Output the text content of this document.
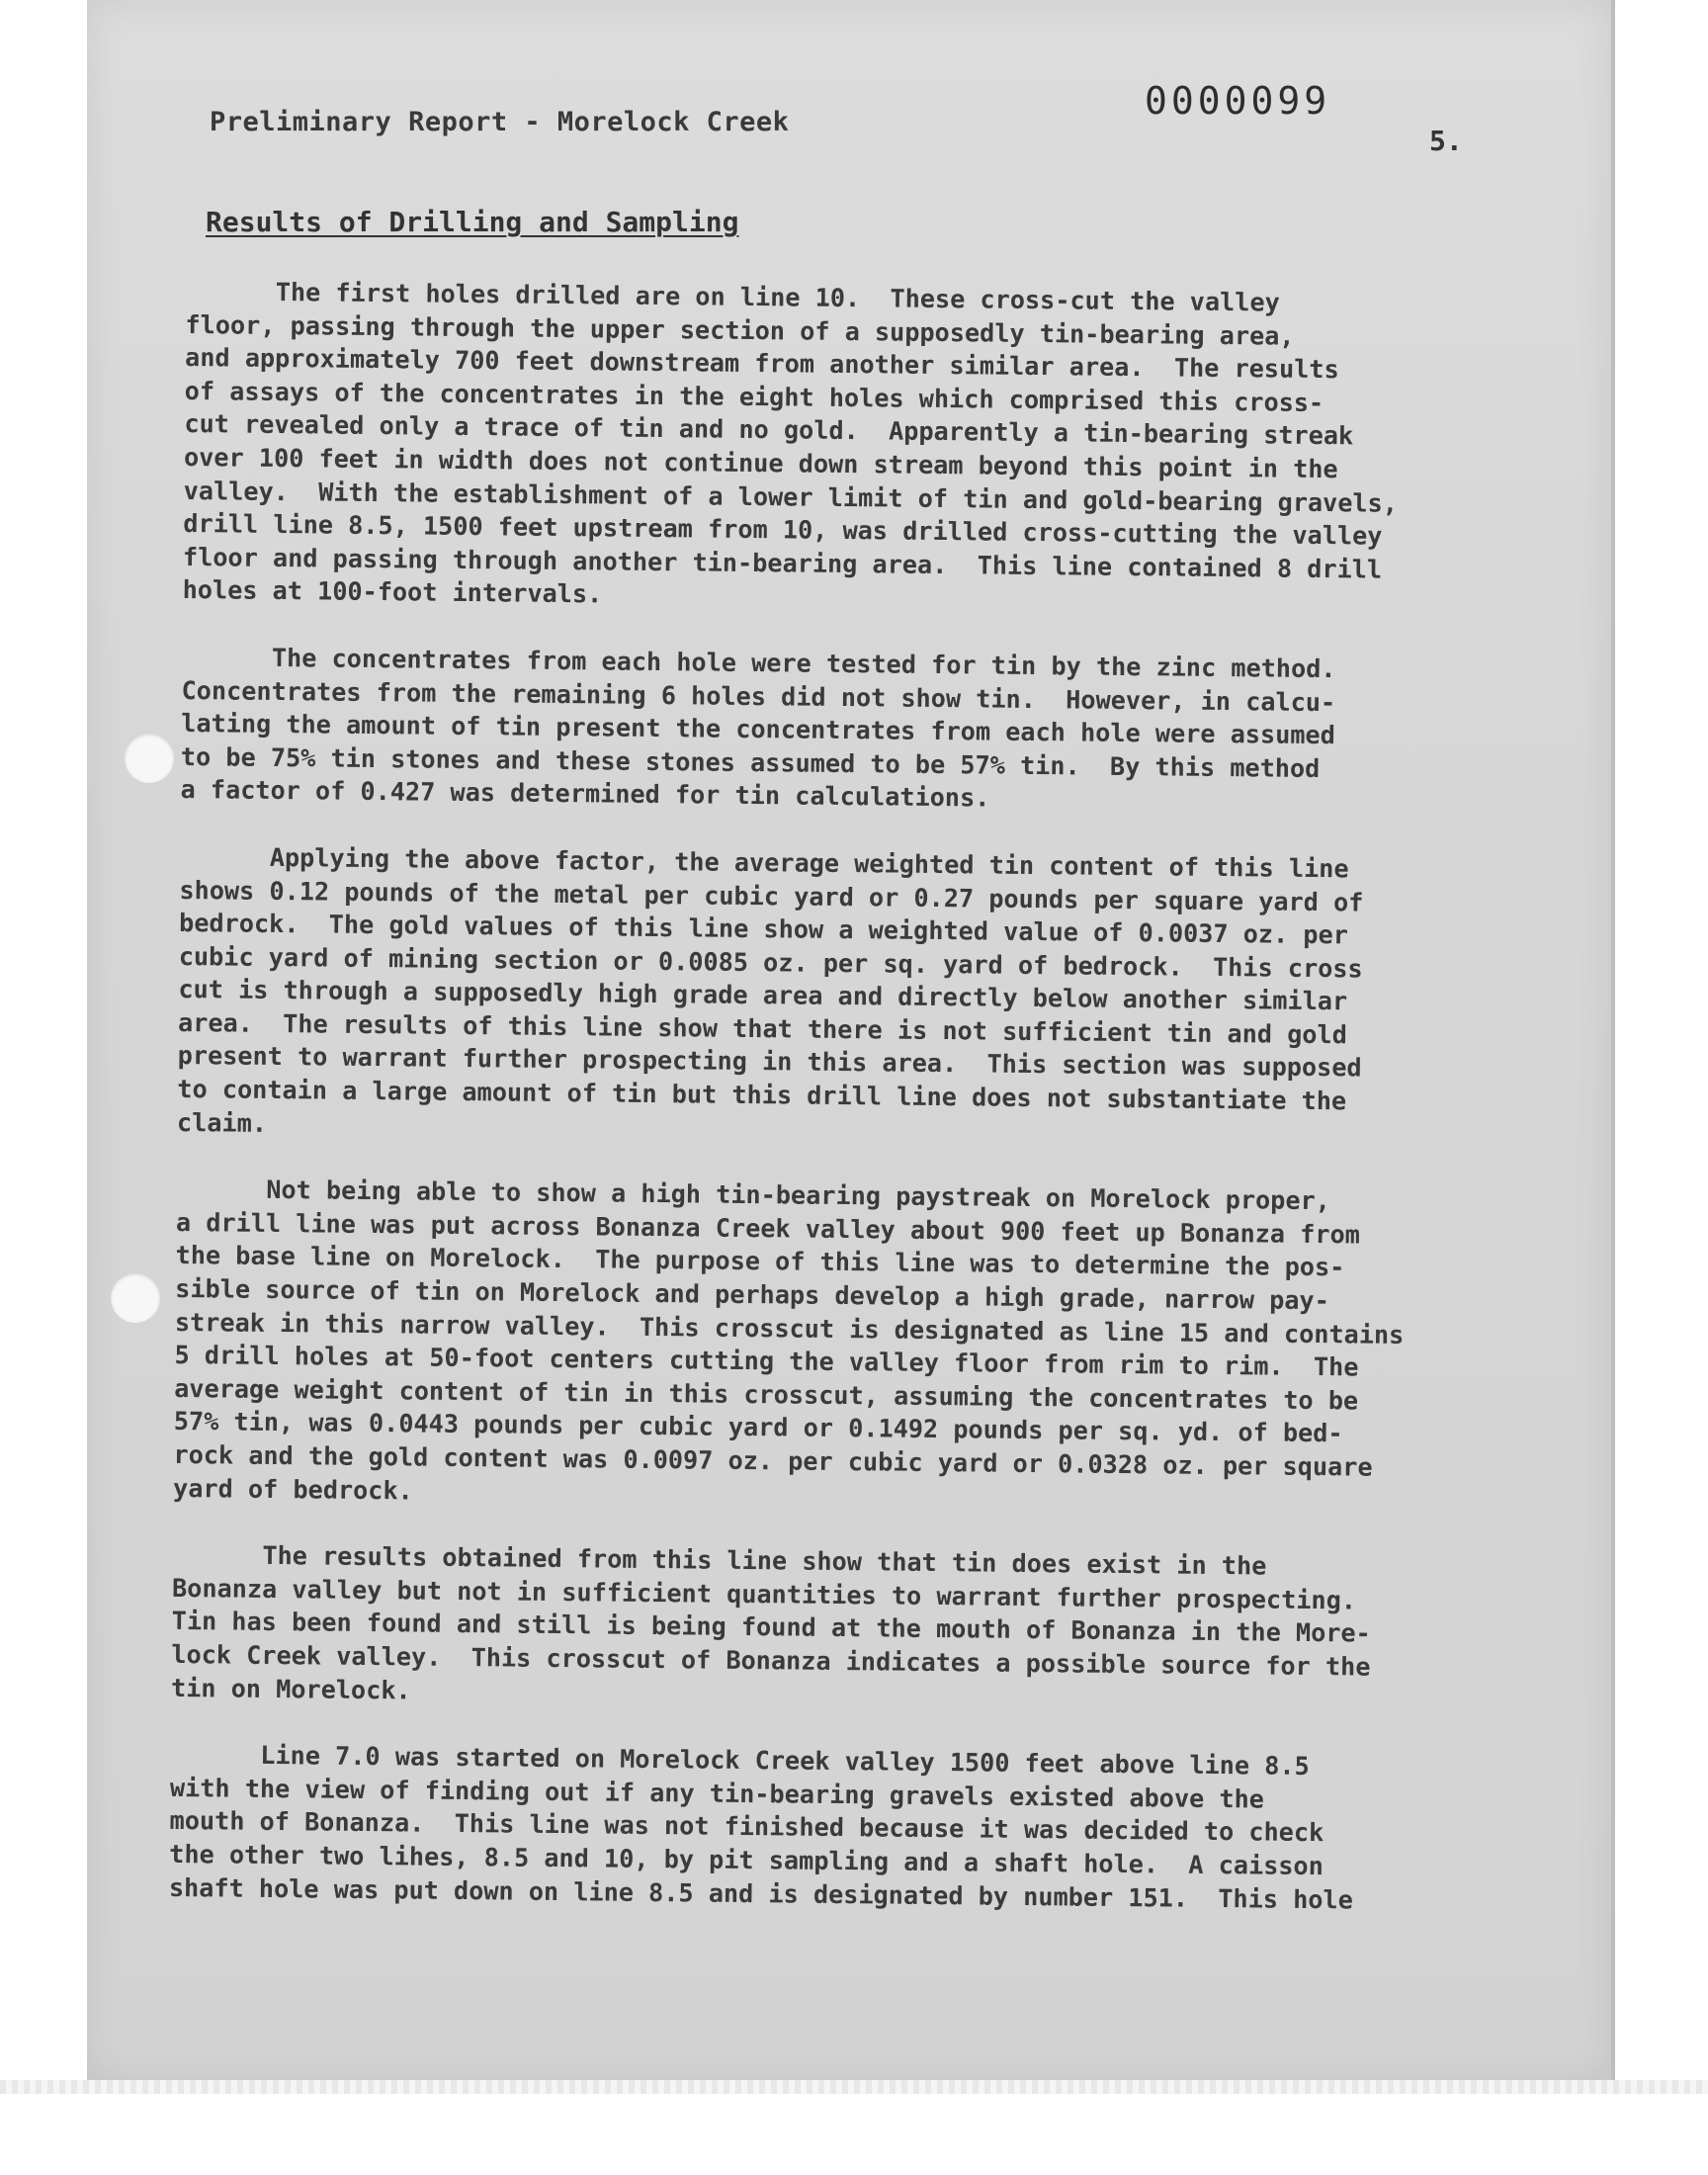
Preliminary Report - Morelock Creek	0000099
5.
Results of Drilling and Sampling
The first holes drilled are on line 10.  These cross-cut the valley
floor, passing through the upper section of a supposedly tin-bearing area,
and approximately 700 feet downstream from another similar area.  The results
of assays of the concentrates in the eight holes which comprised this cross-
cut revealed only a trace of tin and no gold.  Apparently a tin-bearing streak
over 100 feet in width does not continue down stream beyond this point in the
valley.  With the establishment of a lower limit of tin and gold-bearing gravels,
drill line 8.5, 1500 feet upstream from 10, was drilled cross-cutting the valley
floor and passing through another tin-bearing area.  This line contained 8 drill
holes at 100-foot intervals.
The concentrates from each hole were tested for tin by the zinc method.
Concentrates from the remaining 6 holes did not show tin.  However, in calcu-
lating the amount of tin present the concentrates from each hole were assumed
to be 75% tin stones and these stones assumed to be 57% tin.  By this method
a factor of 0.427 was determined for tin calculations.
Applying the above factor, the average weighted tin content of this line
shows 0.12 pounds of the metal per cubic yard or 0.27 pounds per square yard of
bedrock.  The gold values of this line show a weighted value of 0.0037 oz. per
cubic yard of mining section or 0.0085 oz. per sq. yard of bedrock.  This cross
cut is through a supposedly high grade area and directly below another similar
area.  The results of this line show that there is not sufficient tin and gold
present to warrant further prospecting in this area.  This section was supposed
to contain a large amount of tin but this drill line does not substantiate the
claim.
Not being able to show a high tin-bearing paystreak on Morelock proper,
a drill line was put across Bonanza Creek valley about 900 feet up Bonanza from
the base line on Morelock.  The purpose of this line was to determine the pos-
sible source of tin on Morelock and perhaps develop a high grade, narrow pay-
streak in this narrow valley.  This crosscut is designated as line 15 and contains
5 drill holes at 50-foot centers cutting the valley floor from rim to rim.  The
average weight content of tin in this crosscut, assuming the concentrates to be
57% tin, was 0.0443 pounds per cubic yard or 0.1492 pounds per sq. yd. of bed-
rock and the gold content was 0.0097 oz. per cubic yard or 0.0328 oz. per square
yard of bedrock.
The results obtained from this line show that tin does exist in the
Bonanza valley but not in sufficient quantities to warrant further prospecting.
Tin has been found and still is being found at the mouth of Bonanza in the More-
lock Creek valley.  This crosscut of Bonanza indicates a possible source for the
tin on Morelock.
Line 7.0 was started on Morelock Creek valley 1500 feet above line 8.5
with the view of finding out if any tin-bearing gravels existed above the
mouth of Bonanza.  This line was not finished because it was decided to check
the other two lihes, 8.5 and 10, by pit sampling and a shaft hole.  A caisson
shaft hole was put down on line 8.5 and is designated by number 151.  This hole
